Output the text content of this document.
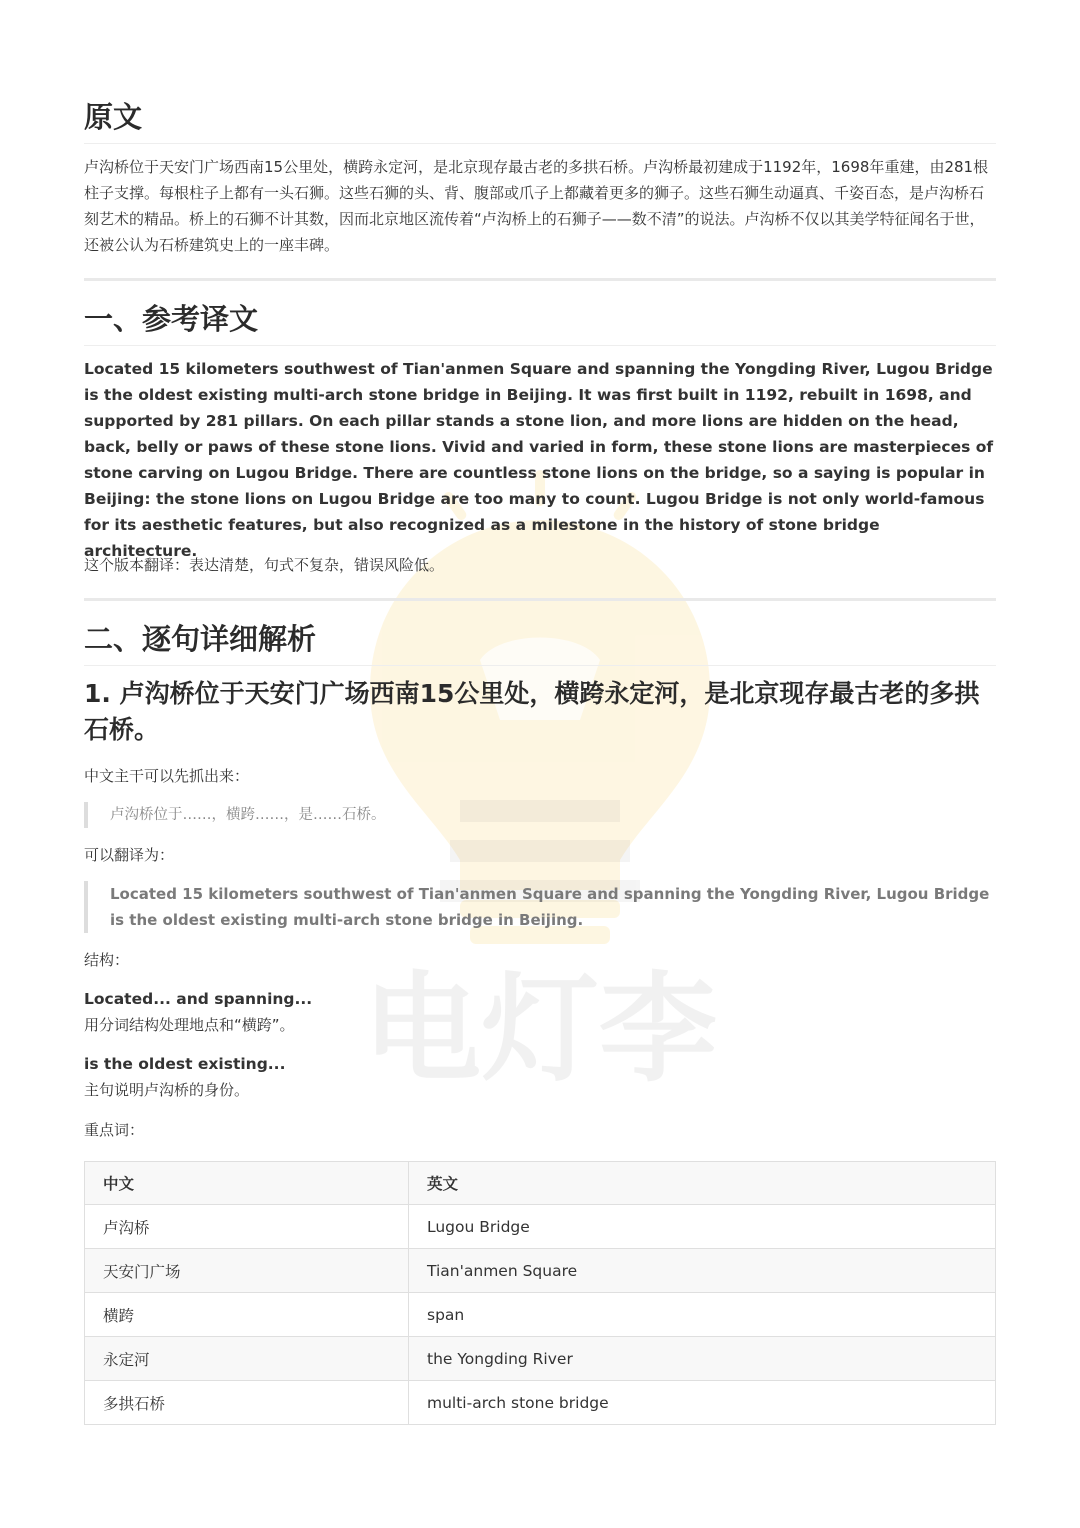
电灯李
原文

卢沟桥位于天安门广场西南15公里处，横跨永定河，是北京现存最古老的多拱石桥。卢沟桥最初建成于1192年，1698年重建，由281根柱子支撑。每根柱子上都有一头石狮。这些石狮的头、背、腹部或爪子上都藏着更多的狮子。这些石狮生动逼真、千姿百态，是卢沟桥石刻艺术的精品。桥上的石狮不计其数，因而北京地区流传着“卢沟桥上的石狮子——数不清”的说法。卢沟桥不仅以其美学特征闻名于世，还被公认为石桥建筑史上的一座丰碑。

一、参考译文

Located 15 kilometers southwest of Tian'anmen Square and spanning the Yongding River, Lugou Bridge is the oldest existing multi-arch stone bridge in Beijing. It was first built in 1192, rebuilt in 1698, and supported by 281 pillars. On each pillar stands a stone lion, and more lions are hidden on the head, back, belly or paws of these stone lions. Vivid and varied in form, these stone lions are masterpieces of stone carving on Lugou Bridge. There are countless stone lions on the bridge, so a saying is popular in Beijing: the stone lions on Lugou Bridge are too many to count. Lugou Bridge is not only world-famous for its aesthetic features, but also recognized as a milestone in the history of stone bridge architecture.

这个版本翻译：表达清楚，句式不复杂，错误风险低。

二、逐句详细解析
1. 卢沟桥位于天安门广场西南15公里处，横跨永定河，是北京现存最古老的多拱石桥。

中文主干可以先抓出来：

卢沟桥位于……，横跨……，是……石桥。

可以翻译为：

Located 15 kilometers southwest of Tian'anmen Square and spanning the Yongding River, Lugou Bridge is the oldest existing multi-arch stone bridge in Beijing.

结构：

Located... and spanning...

用分词结构处理地点和“横跨”。

is the oldest existing...

主句说明卢沟桥的身份。

重点词：

中文	英文
卢沟桥	Lugou Bridge
天安门广场	Tian'anmen Square
横跨	span
永定河	the Yongding River
多拱石桥	multi-arch stone bridge
